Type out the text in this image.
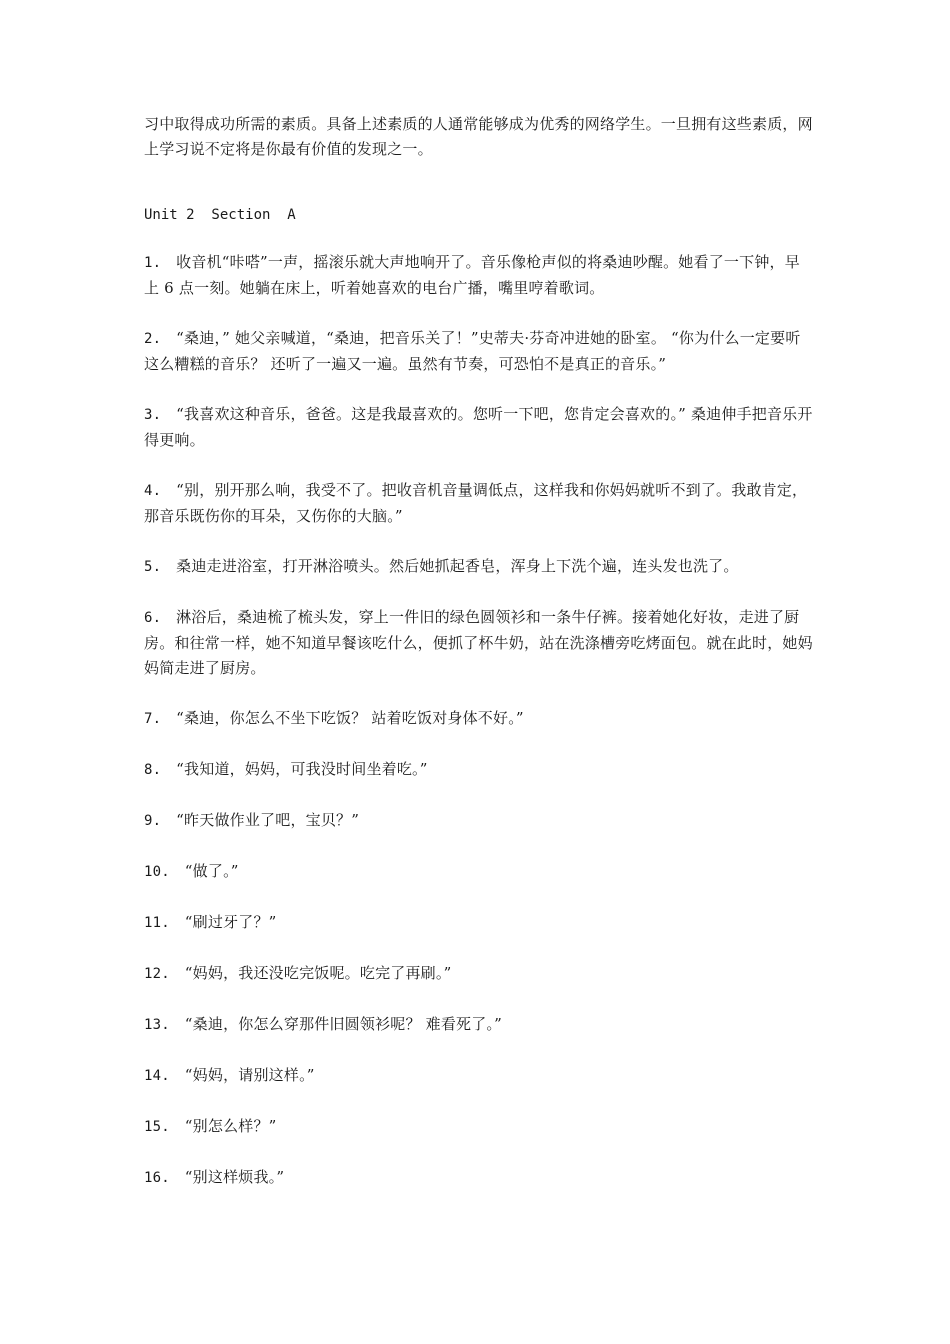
习中取得成功所需的素质。具备上述素质的人通常能够成为优秀的网络学生。一旦拥有这些素质，网上学习说不定将是你最有价值的发现之一。

Unit 2  Section  A

1. 收音机“咔嗒”一声，摇滚乐就大声地响开了。音乐像枪声似的将桑迪吵醒。她看了一下钟，早上 6 点一刻。她躺在床上，听着她喜欢的电台广播，嘴里哼着歌词。

2. “桑迪，” 她父亲喊道，“桑迪，把音乐关了！”史蒂夫·芬奇冲进她的卧室。 “你为什么一定要听这么糟糕的音乐？ 还听了一遍又一遍。虽然有节奏，可恐怕不是真正的音乐。”

3. “我喜欢这种音乐，爸爸。这是我最喜欢的。您听一下吧，您肯定会喜欢的。” 桑迪伸手把音乐开得更响。

4. “别，别开那么响，我受不了。把收音机音量调低点，这样我和你妈妈就听不到了。我敢肯定，那音乐既伤你的耳朵，又伤你的大脑。”

5. 桑迪走进浴室，打开淋浴喷头。然后她抓起香皂，浑身上下洗个遍，连头发也洗了。

6. 淋浴后，桑迪梳了梳头发，穿上一件旧的绿色圆领衫和一条牛仔裤。接着她化好妆，走进了厨房。和往常一样，她不知道早餐该吃什么，便抓了杯牛奶，站在洗涤槽旁吃烤面包。就在此时，她妈妈简走进了厨房。

7. “桑迪，你怎么不坐下吃饭？ 站着吃饭对身体不好。”

8. “我知道，妈妈，可我没时间坐着吃。”

9. “昨天做作业了吧，宝贝？”

10. “做了。”

11. “刷过牙了？”

12. “妈妈，我还没吃完饭呢。吃完了再刷。”

13. “桑迪，你怎么穿那件旧圆领衫呢？ 难看死了。”

14. “妈妈，请别这样。”

15. “别怎么样？”

16. “别这样烦我。”
